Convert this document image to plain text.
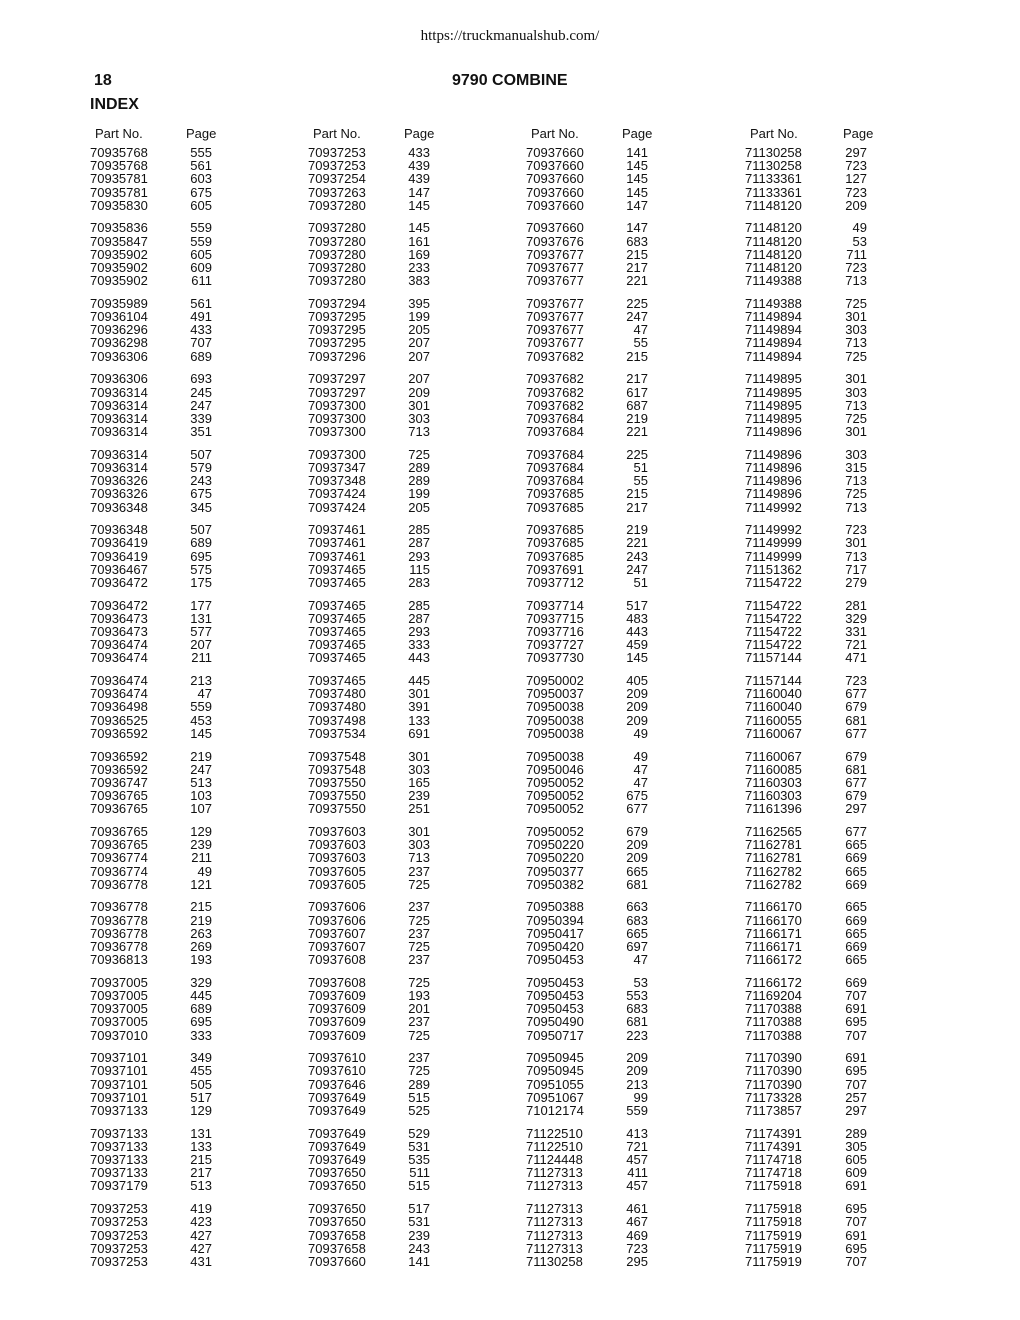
https://truckmanualshub.com/
18	9790 COMBINE
INDEX
Part No.	Page
70935768	555
70935768	561
70935781	603
70935781	675
70935830	605
70935836	559
70935847	559
70935902	605
70935902	609
70935902	611
70935989	561
70936104	491
70936296	433
70936298	707
70936306	689
70936306	693
70936314	245
70936314	247
70936314	339
70936314	351
70936314	507
70936314	579
70936326	243
70936326	675
70936348	345
70936348	507
70936419	689
70936419	695
70936467	575
70936472	175
70936472	177
70936473	131
70936473	577
70936474	207
70936474	211
70936474	213
70936474	47
70936498	559
70936525	453
70936592	145
70936592	219
70936592	247
70936747	513
70936765	103
70936765	107
70936765	129
70936765	239
70936774	211
70936774	49
70936778	121
70936778	215
70936778	219
70936778	263
70936778	269
70936813	193
70937005	329
70937005	445
70937005	689
70937005	695
70937010	333
70937101	349
70937101	455
70937101	505
70937101	517
70937133	129
70937133	131
70937133	133
70937133	215
70937133	217
70937179	513
70937253	419
70937253	423
70937253	427
70937253	427
70937253	431
Part No.	Page
70937253	433
70937253	439
70937254	439
70937263	147
70937280	145
70937280	145
70937280	161
70937280	169
70937280	233
70937280	383
70937294	395
70937295	199
70937295	205
70937295	207
70937296	207
70937297	207
70937297	209
70937300	301
70937300	303
70937300	713
70937300	725
70937347	289
70937348	289
70937424	199
70937424	205
70937461	285
70937461	287
70937461	293
70937465	115
70937465	283
70937465	285
70937465	287
70937465	293
70937465	333
70937465	443
70937465	445
70937480	301
70937480	391
70937498	133
70937534	691
70937548	301
70937548	303
70937550	165
70937550	239
70937550	251
70937603	301
70937603	303
70937603	713
70937605	237
70937605	725
70937606	237
70937606	725
70937607	237
70937607	725
70937608	237
70937608	725
70937609	193
70937609	201
70937609	237
70937609	725
70937610	237
70937610	725
70937646	289
70937649	515
70937649	525
70937649	529
70937649	531
70937649	535
70937650	511
70937650	515
70937650	517
70937650	531
70937658	239
70937658	243
70937660	141
Part No.	Page
70937660	141
70937660	145
70937660	145
70937660	145
70937660	147
70937660	147
70937676	683
70937677	215
70937677	217
70937677	221
70937677	225
70937677	247
70937677	47
70937677	55
70937682	215
70937682	217
70937682	617
70937682	687
70937684	219
70937684	221
70937684	225
70937684	51
70937684	55
70937685	215
70937685	217
70937685	219
70937685	221
70937685	243
70937691	247
70937712	51
70937714	517
70937715	483
70937716	443
70937727	459
70937730	145
70950002	405
70950037	209
70950038	209
70950038	209
70950038	49
70950038	49
70950046	47
70950052	47
70950052	675
70950052	677
70950052	679
70950220	209
70950220	209
70950377	665
70950382	681
70950388	663
70950394	683
70950417	665
70950420	697
70950453	47
70950453	53
70950453	553
70950453	683
70950490	681
70950717	223
70950945	209
70950945	209
70951055	213
70951067	99
71012174	559
71122510	413
71122510	721
71124448	457
71127313	411
71127313	457
71127313	461
71127313	467
71127313	469
71127313	723
71130258	295
Part No.	Page
71130258	297
71130258	723
71133361	127
71133361	723
71148120	209
71148120	49
71148120	53
71148120	711
71148120	723
71149388	713
71149388	725
71149894	301
71149894	303
71149894	713
71149894	725
71149895	301
71149895	303
71149895	713
71149895	725
71149896	301
71149896	303
71149896	315
71149896	713
71149896	725
71149992	713
71149992	723
71149999	301
71149999	713
71151362	717
71154722	279
71154722	281
71154722	329
71154722	331
71154722	721
71157144	471
71157144	723
71160040	677
71160040	679
71160055	681
71160067	677
71160067	679
71160085	681
71160303	677
71160303	679
71161396	297
71162565	677
71162781	665
71162781	669
71162782	665
71162782	669
71166170	665
71166170	669
71166171	665
71166171	669
71166172	665
71166172	669
71169204	707
71170388	691
71170388	695
71170388	707
71170390	691
71170390	695
71170390	707
71173328	257
71173857	297
71174391	289
71174391	305
71174718	605
71174718	609
71175918	691
71175918	695
71175918	707
71175919	691
71175919	695
71175919	707
